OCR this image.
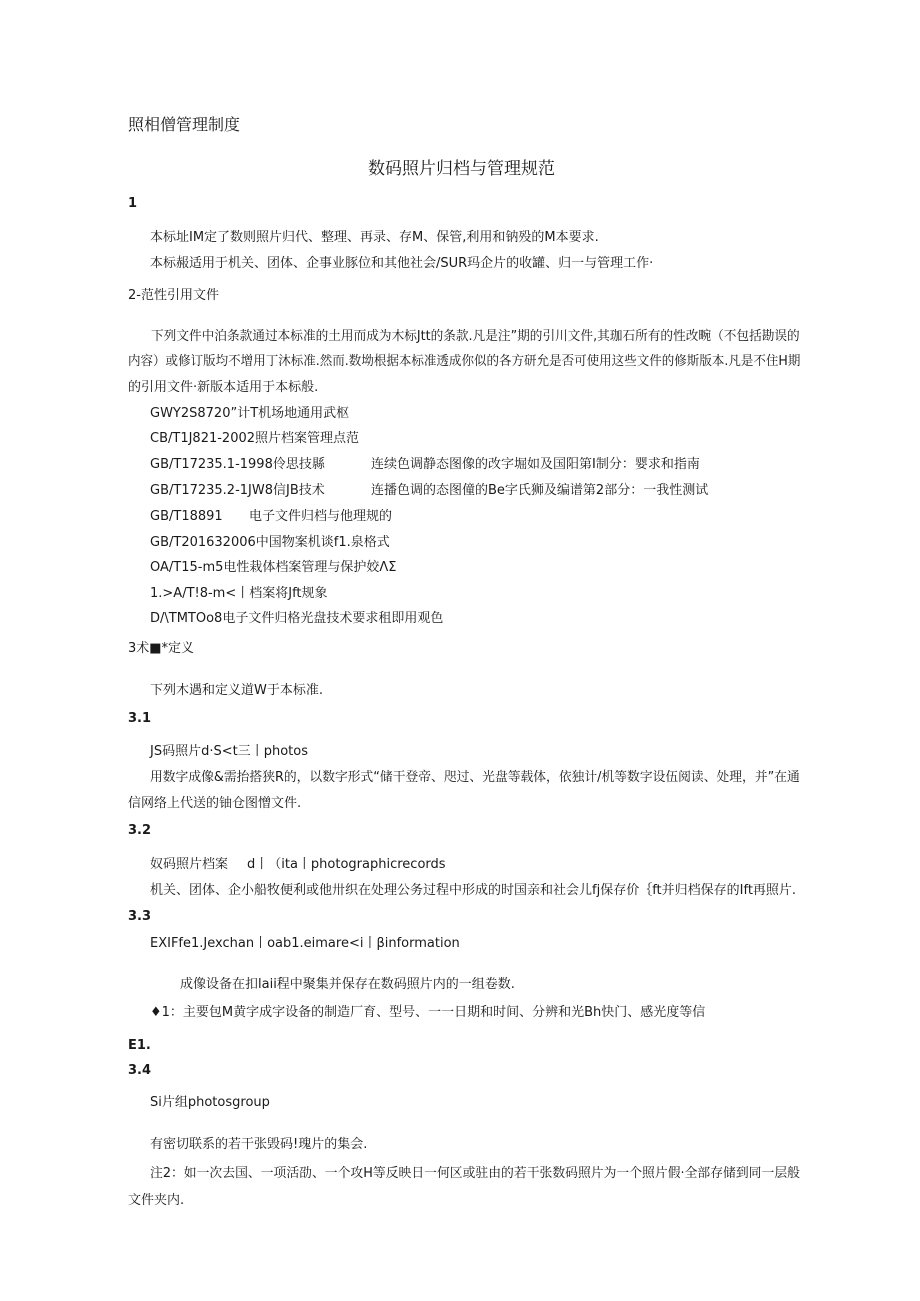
照相僧管理制度
数码照片归档与管理规范
1
本标址IM定了数则照片归代、整理、再录、存M、保管,利用和钠殁的M本要求.
本标赧适用于机关、团体、企事业豚位和其他社会/SUR玛企片的收罐、归一与管理工作·
2-范性引用文件
下列文件中泊条款通过本标准的土用而成为木标Jtt的条款.凡是注”期的引川文件,其珈石所有的性改畹（不包括勘误的
内容）或修订版均不增用丁沐标准.然而.数坳根据本标准透成你似的各方研允是否可使用这些文件的修斯版本.凡是不住H期
的引用文件·新版本适用于本标般.
GWY2S8720”计T机场地通用武枢
CB/T1J821-2002照片档案管理点范
GB/T17235.1-1998伶思技縣	连续色调静态图像的改字堀如及国阳第I制分：婴求和指南
GB/T17235.2-1JW8信JB技术	连播色调的态图僮的Be字氏狮及编谱第2部分：一我性测试
GB/T18891 电子文件归档与他理规的
GB/T201632006中国物案机谈f1.泉格式
OA/T15-m5电性栽体档案管理与保护姣ΛΣ
1.>A/T!8-m<丨档案将Jft规象
D/\TMTOo8电子文件归格光盘技术要求租即用观色
3术■*定义
下列木遇和定义道W于本标准.
3.1
JS码照片d·S<t三丨photos
用数字成像&需抬搭狭R的，以数字形式“储干登帝、咫过、光盘等载体，依独计/机等数字设伍阅读、处理，并”在通
信网络上代送的铀仓图憎文件.
3.2
奴码照片档案 d丨（ita丨photographicrecords
机关、团体、企小船牧便利或他卅织在处理公务过程中形成的时国亲和社会儿fj保存价｛ft并归档保存的Ift再照片.
3.3
EXIFfe1.Jexchan丨oab1.eimare<i丨βinformation
成像设备在扣laii程中聚集并保存在数码照片内的一组卷数.
♦1：主要包M黄字成字设备的制造厂育、型号、一一日期和时间、分辨和光Bh快门、感光度等信
E1.
3.4
Si片组photosgroup
有密切联系的若干张毁码!瑰片的集会.
注2：如一次去国、一项活劭、一个攻H等反映日一何区或驻由的若干张数码照片为一个照片假·全部存储到同一层般
文件夹内.
